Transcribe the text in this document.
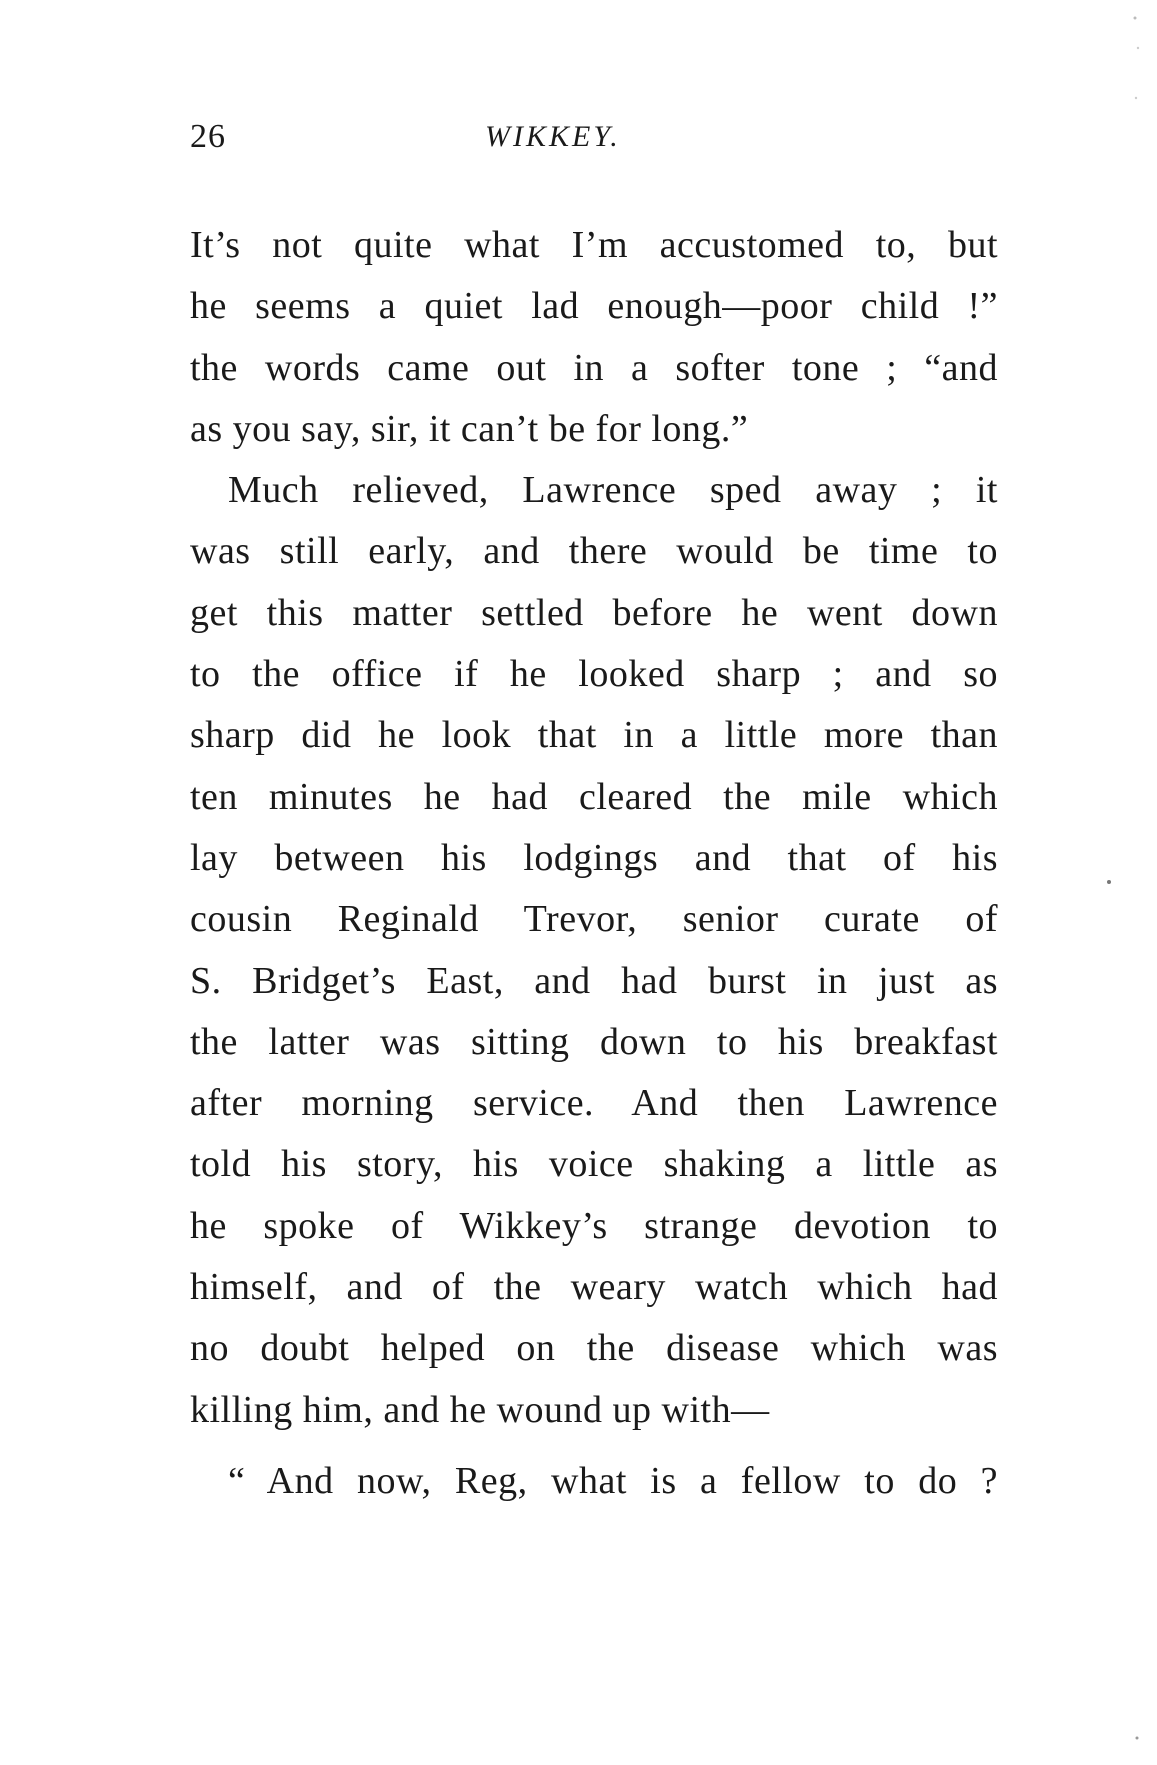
26	WIKKEY.
It’s not quite what I’m accustomed to, but
he seems a quiet lad enough—poor child !”
the words came out in a softer tone ; “and
as you say, sir, it can’t be for long.”
Much relieved, Lawrence sped away ; it
was still early, and there would be time to
get this matter settled before he went down
to the office if he looked sharp ; and so
sharp did he look that in a little more than
ten minutes he had cleared the mile which
lay between his lodgings and that of his
cousin Reginald Trevor, senior curate of
S. Bridget’s East, and had burst in just as
the latter was sitting down to his breakfast
after morning service. And then Lawrence
told his story, his voice shaking a little as
he spoke of Wikkey’s strange devotion to
himself, and of the weary watch which had
no doubt helped on the disease which was
killing him, and he wound up with—
“ And now, Reg, what is a fellow to do ?
